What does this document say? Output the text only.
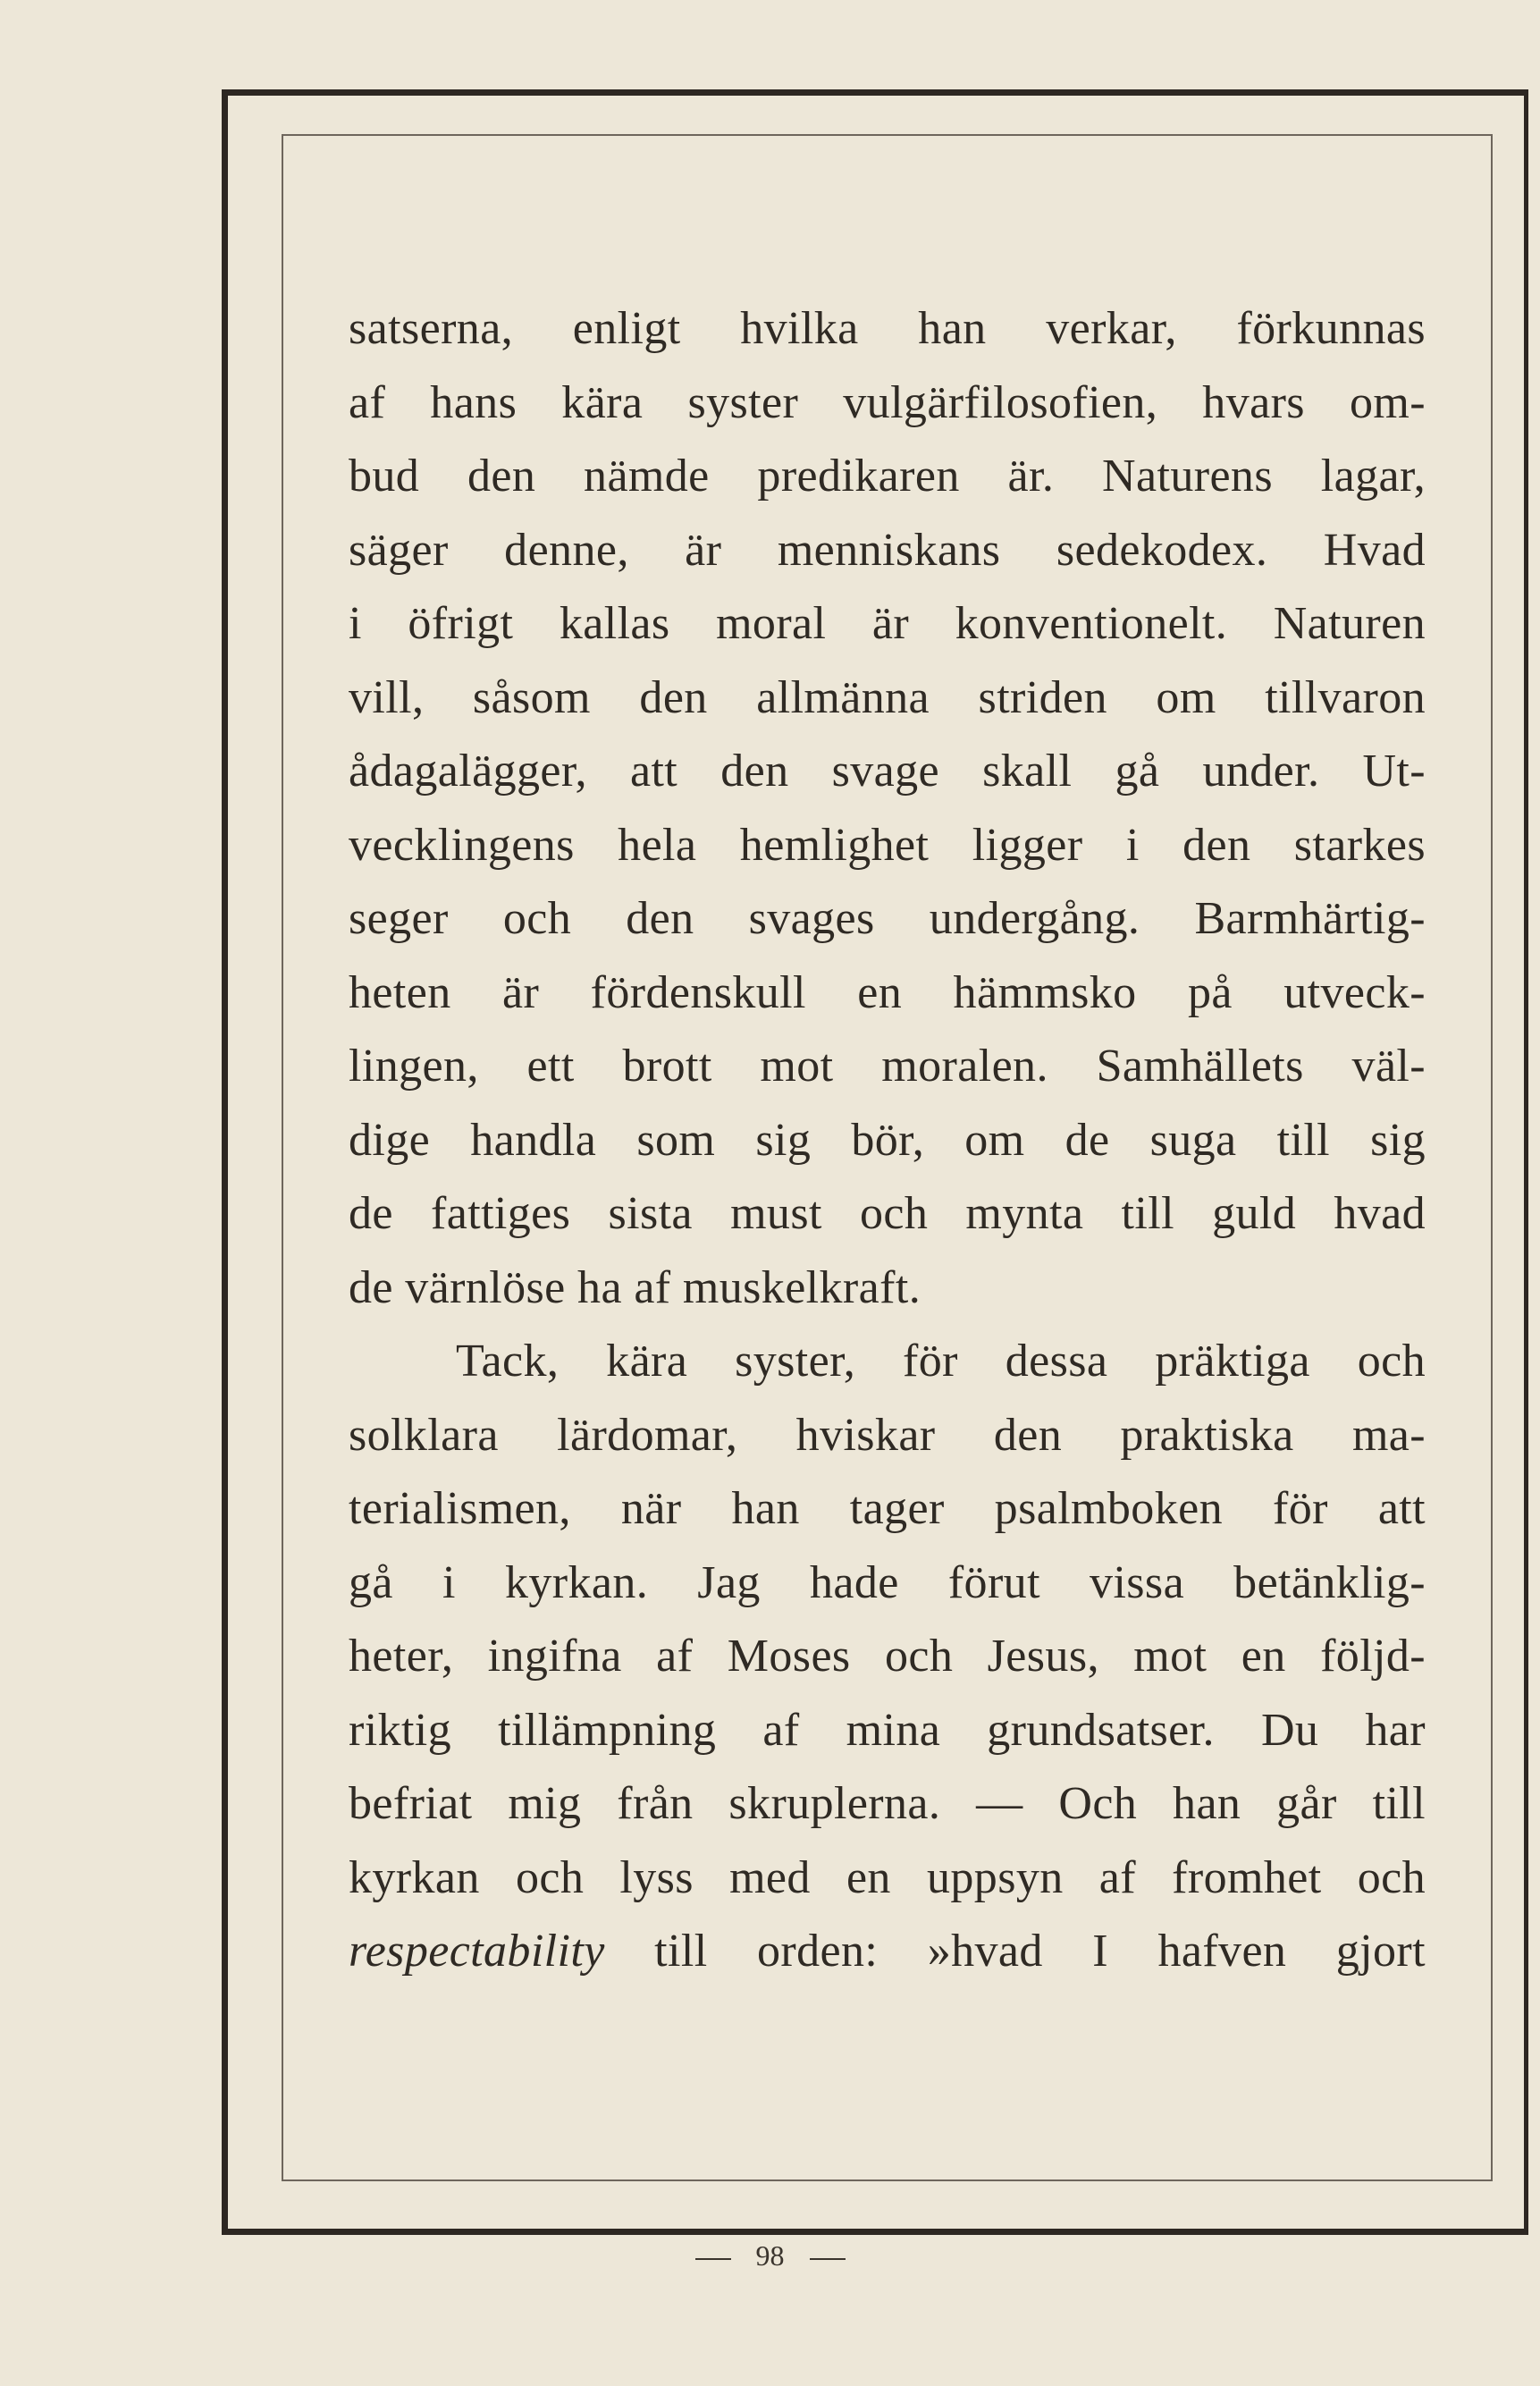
satserna, enligt hvilka han verkar, förkunnas
af hans kära syster vulgärfilosofien, hvars om-
bud den nämde predikaren är. Naturens lagar,
säger denne, är menniskans sedekodex. Hvad
i öfrigt kallas moral är konventionelt. Naturen
vill, såsom den allmänna striden om tillvaron
ådagalägger, att den svage skall gå under. Ut-
vecklingens hela hemlighet ligger i den starkes
seger och den svages undergång. Barmhärtig-
heten är fördenskull en hämmsko på utveck-
lingen, ett brott mot moralen. Samhällets väl-
dige handla som sig bör, om de suga till sig
de fattiges sista must och mynta till guld hvad
de värnlöse ha af muskelkraft.
Tack, kära syster, för dessa präktiga och
solklara lärdomar, hviskar den praktiska ma-
terialismen, när han tager psalmboken för att
gå i kyrkan. Jag hade förut vissa betänklig-
heter, ingifna af Moses och Jesus, mot en följd-
riktig tillämpning af mina grundsatser. Du har
befriat mig från skruplerna. — Och han går till
kyrkan och lyss med en uppsyn af fromhet och
respectability till orden: »hvad I hafven gjort
98
